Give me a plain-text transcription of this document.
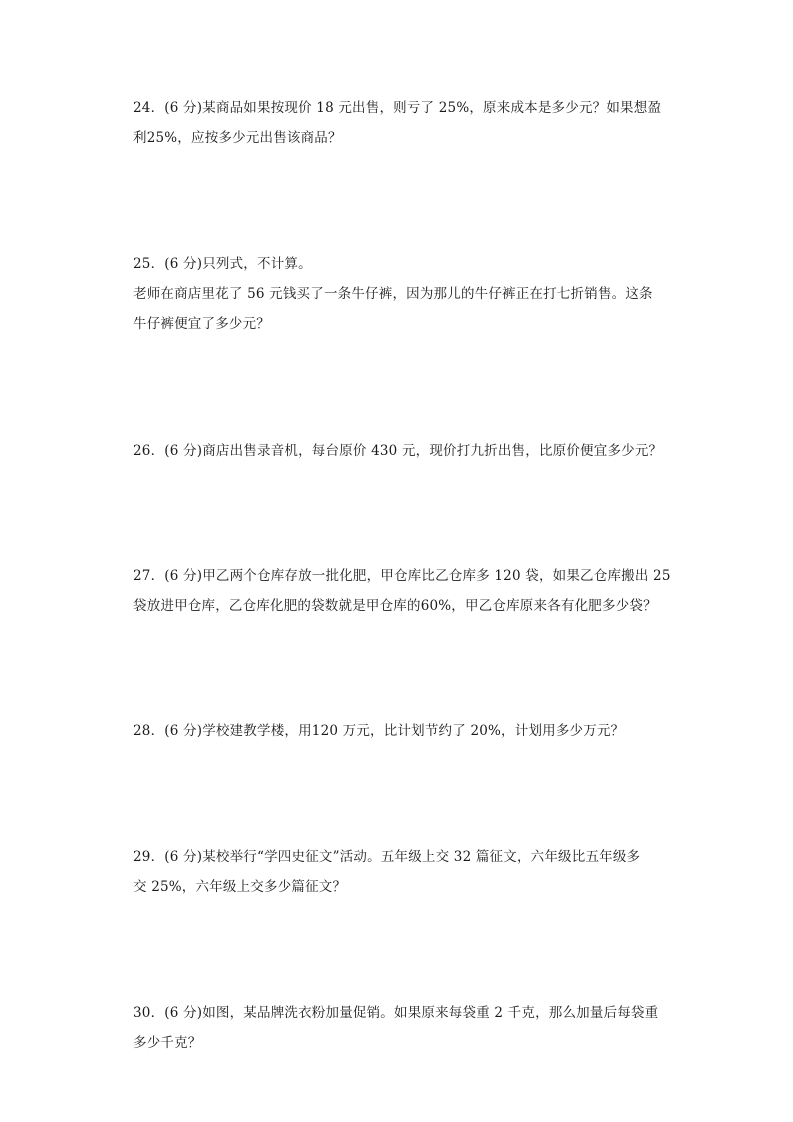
24．(6 分)某商品如果按现价 18 元出售，则亏了 25%，原来成本是多少元？如果想盈
利25%，应按多少元出售该商品？
25．(6 分)只列式，不计算。
老师在商店里花了 56 元钱买了一条牛仔裤，因为那儿的牛仔裤正在打七折销售。这条
牛仔裤便宜了多少元？
26．(6 分)商店出售录音机，每台原价 430 元，现价打九折出售，比原价便宜多少元？
27．(6 分)甲乙两个仓库存放一批化肥，甲仓库比乙仓库多 120 袋，如果乙仓库搬出 25
袋放进甲仓库，乙仓库化肥的袋数就是甲仓库的60%，甲乙仓库原来各有化肥多少袋？
28．(6 分)学校建教学楼，用120 万元，比计划节约了 20%，计划用多少万元？
29．(6 分)某校举行“学四史征文”活动。五年级上交 32 篇征文，六年级比五年级多
交 25%，六年级上交多少篇征文？
30．(6 分)如图，某品牌洗衣粉加量促销。如果原来每袋重 2 千克，那么加量后每袋重
多少千克？
